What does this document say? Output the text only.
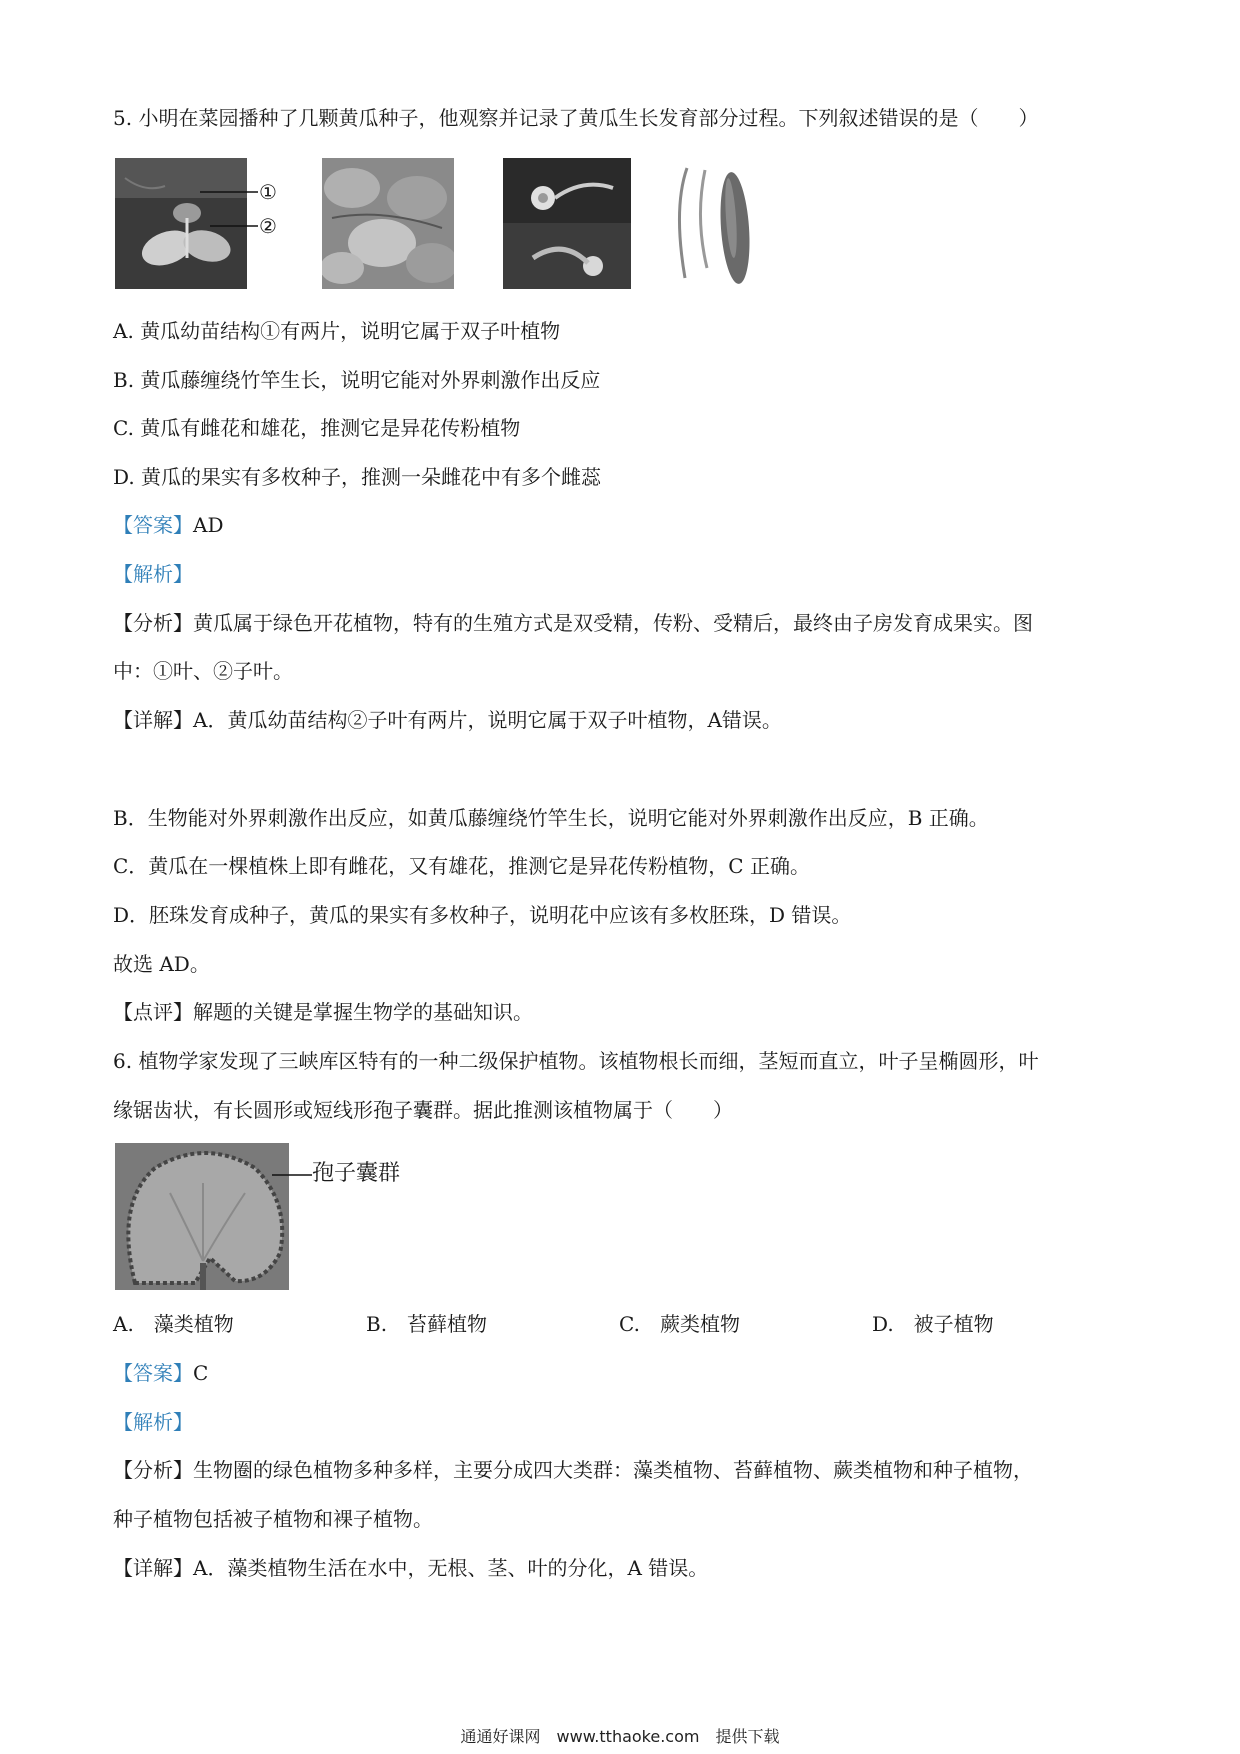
5. 小明在菜园播种了几颗黄瓜种子，他观察并记录了黄瓜生长发育部分过程。下列叙述错误的是（　　）
①
②
A. 黄瓜幼苗结构①有两片，说明它属于双子叶植物
B. 黄瓜藤缠绕竹竿生长，说明它能对外界刺激作出反应
C. 黄瓜有雌花和雄花，推测它是异花传粉植物
D. 黄瓜的果实有多枚种子，推测一朵雌花中有多个雌蕊
【答案】AD
【解析】
【分析】黄瓜属于绿色开花植物，特有的生殖方式是双受精，传粉、受精后，最终由子房发育成果实。图
中：①叶、②子叶。
【详解】A．黄瓜幼苗结构②子叶有两片，说明它属于双子叶植物，A错误。
B．生物能对外界刺激作出反应，如黄瓜藤缠绕竹竿生长，说明它能对外界刺激作出反应，B 正确。
C．黄瓜在一棵植株上即有雌花，又有雄花，推测它是异花传粉植物，C 正确。
D．胚珠发育成种子，黄瓜的果实有多枚种子，说明花中应该有多枚胚珠，D 错误。
故选 AD。
【点评】解题的关键是掌握生物学的基础知识。
6. 植物学家发现了三峡库区特有的一种二级保护植物。该植物根长而细，茎短而直立，叶子呈椭圆形，叶
缘锯齿状，有长圆形或短线形孢子囊群。据此推测该植物属于（　　）
孢子囊群
A.　藻类植物	B.　苔藓植物	C.　蕨类植物	D.　被子植物
【答案】C
【解析】
【分析】生物圈的绿色植物多种多样，主要分成四大类群：藻类植物、苔藓植物、蕨类植物和种子植物，
种子植物包括被子植物和裸子植物。
【详解】A．藻类植物生活在水中，无根、茎、叶的分化，A 错误。
通通好课网　www.tthaoke.com　提供下载
